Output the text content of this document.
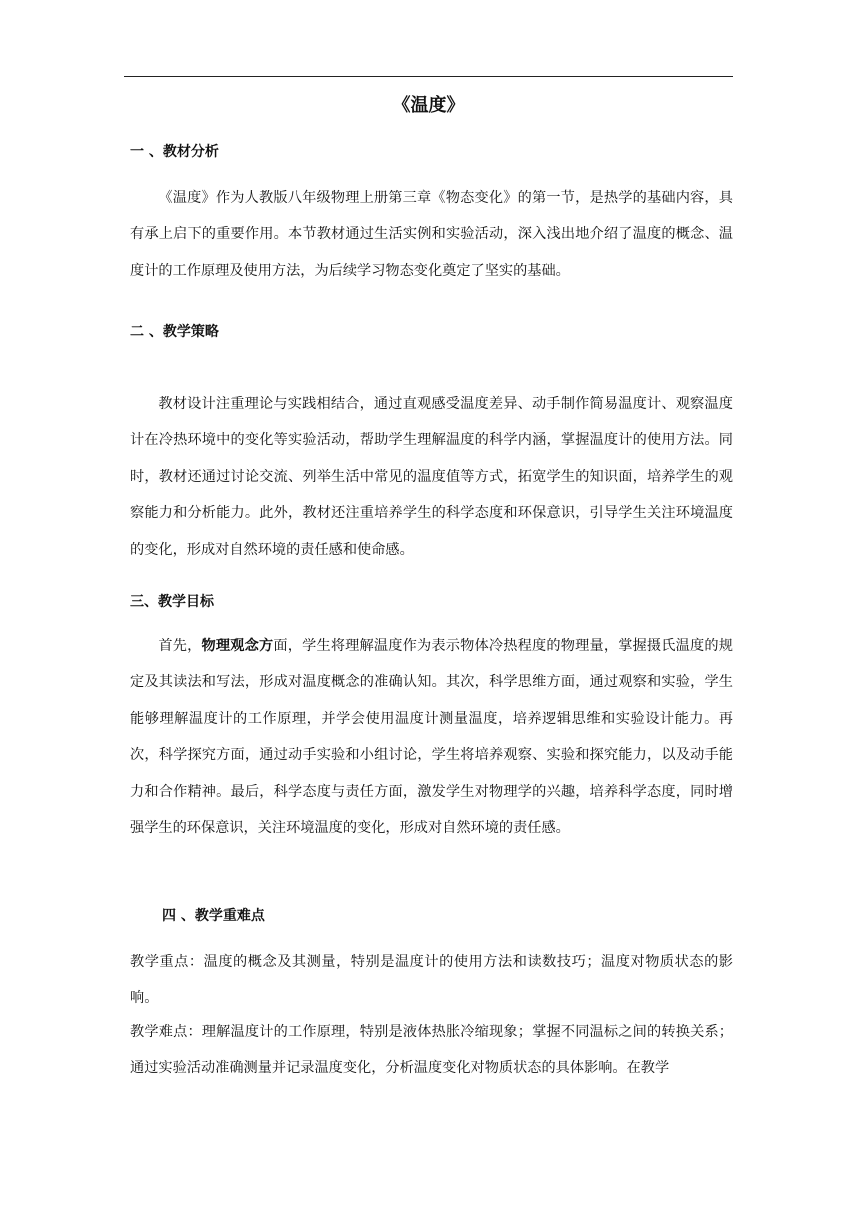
《温度》
一 、教材分析

《温度》作为人教版八年级物理上册第三章《物态变化》的第一节，是热学的基础内容，具有承上启下的重要作用。本节教材通过生活实例和实验活动，深入浅出地介绍了温度的概念、温度计的工作原理及使用方法，为后续学习物态变化奠定了坚实的基础。

二 、教学策略

教材设计注重理论与实践相结合，通过直观感受温度差异、动手制作简易温度计、观察温度计在冷热环境中的变化等实验活动，帮助学生理解温度的科学内涵，掌握温度计的使用方法。同时，教材还通过讨论交流、列举生活中常见的温度值等方式，拓宽学生的知识面，培养学生的观察能力和分析能力。此外，教材还注重培养学生的科学态度和环保意识，引导学生关注环境温度的变化，形成对自然环境的责任感和使命感。

三、教学目标

首先，物理观念方面，学生将理解温度作为表示物体冷热程度的物理量，掌握摄氏温度的规定及其读法和写法，形成对温度概念的准确认知。其次，科学思维方面，通过观察和实验，学生能够理解温度计的工作原理，并学会使用温度计测量温度，培养逻辑思维和实验设计能力。再次，科学探究方面，通过动手实验和小组讨论，学生将培养观察、实验和探究能力，以及动手能力和合作精神。最后，科学态度与责任方面，激发学生对物理学的兴趣，培养科学态度，同时增强学生的环保意识，关注环境温度的变化，形成对自然环境的责任感。

四 、教学重难点

教学重点：温度的概念及其测量，特别是温度计的使用方法和读数技巧；温度对物质状态的影响。

教学难点：理解温度计的工作原理，特别是液体热胀冷缩现象；掌握不同温标之间的转换关系；通过实验活动准确测量并记录温度变化，分析温度变化对物质状态的具体影响。在教学
